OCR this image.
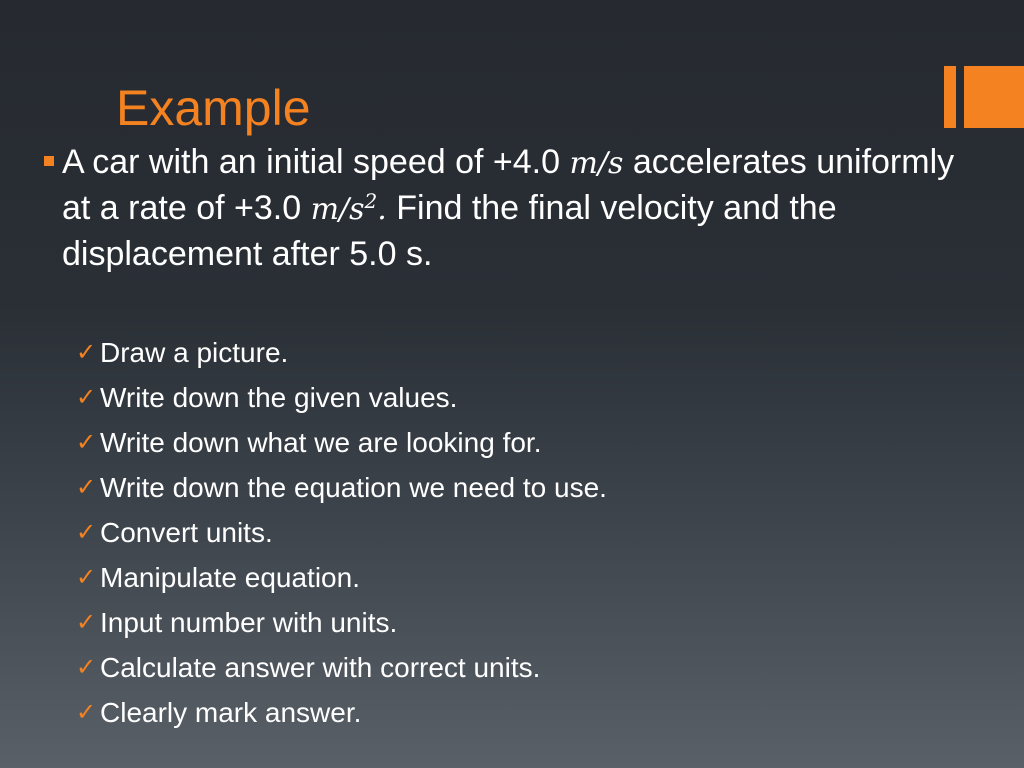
Example
A car with an initial speed of +4.0 m/s accelerates uniformly at a rate of +3.0 $m/s^2$. Find the final velocity and the displacement after 5.0 s.
✓ Draw a picture.
✓ Write down the given values.
✓ Write down what we are looking for.
✓ Write down the equation we need to use.
✓ Convert units.
✓ Manipulate equation.
✓ Input number with units.
✓ Calculate answer with correct units.
✓ Clearly mark answer.
